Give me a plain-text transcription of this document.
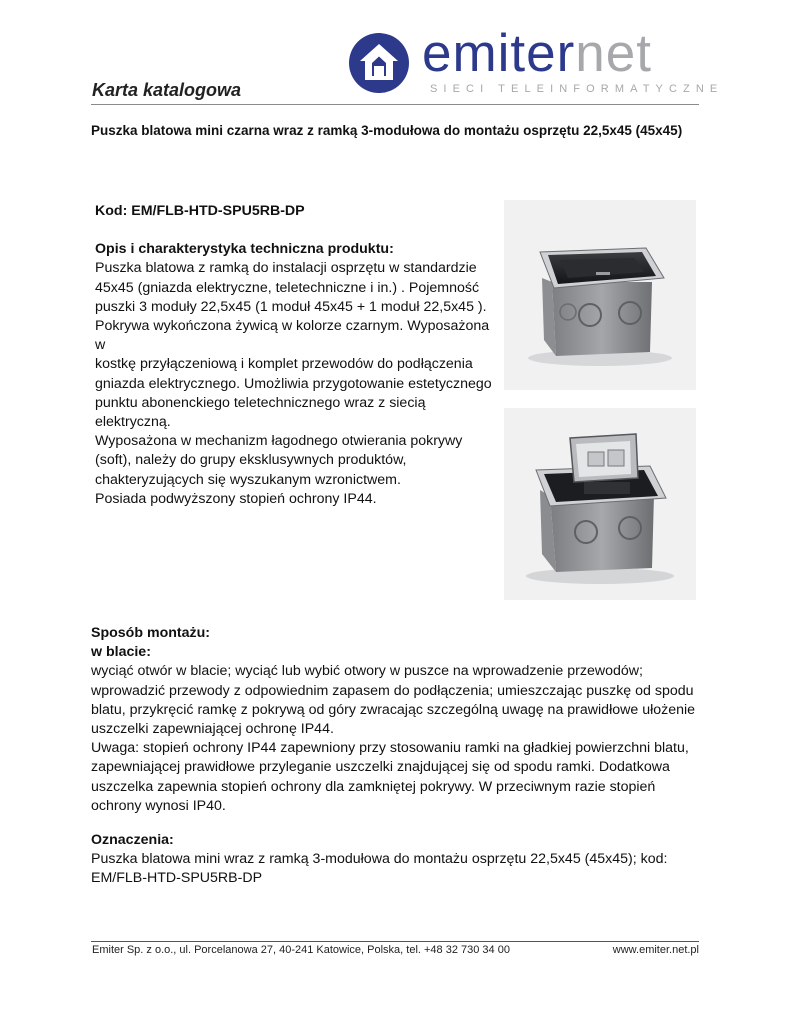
Karta katalogowa
emiternet
SIECI TELEINFORMATYCZNE
Puszka blatowa mini czarna wraz z ramką 3-modułowa do montażu osprzętu 22,5x45 (45x45)
Kod: EM/FLB-HTD-SPU5RB-DP
Opis i charakterystyka techniczna produktu:
Puszka blatowa z ramką do instalacji osprzętu w standardzie
45x45 (gniazda elektryczne, teletechniczne i in.) . Pojemność
puszki 3 moduły 22,5x45 (1 moduł 45x45 + 1 moduł 22,5x45 ).
Pokrywa wykończona żywicą w kolorze czarnym. Wyposażona w
kostkę przyłączeniową i komplet przewodów do podłączenia
gniazda elektrycznego. Umożliwia przygotowanie estetycznego
punktu abonenckiego teletechnicznego wraz z siecią
elektryczną.
Wyposażona w mechanizm łagodnego otwierania pokrywy
(soft), należy do grupy eksklusywnych produktów,
chakteryzujących się wyszukanym wzronictwem.
Posiada podwyższony stopień ochrony IP44.
Sposób montażu:
w blacie:
wyciąć otwór w blacie; wyciąć lub wybić otwory w puszce na wprowadzenie przewodów;
wprowadzić przewody z odpowiednim zapasem do podłączenia; umieszczając puszkę od spodu
blatu, przykręcić ramkę z pokrywą od góry zwracając szczególną uwagę na prawidłowe ułożenie
uszczelki zapewniającej ochronę IP44.
Uwaga: stopień ochrony IP44 zapewniony przy stosowaniu ramki na gładkiej powierzchni blatu,
zapewniającej prawidłowe przyleganie uszczelki znajdującej się od spodu ramki. Dodatkowa
uszczelka zapewnia stopień ochrony dla zamkniętej pokrywy. W przeciwnym razie stopień
ochrony wynosi IP40.
Oznaczenia:
Puszka blatowa mini wraz z ramką 3-modułowa do montażu osprzętu 22,5x45 (45x45); kod:
EM/FLB-HTD-SPU5RB-DP
Emiter Sp. z o.o., ul. Porcelanowa 27, 40-241 Katowice, Polska, tel. +48 32 730 34 00	www.emiter.net.pl
